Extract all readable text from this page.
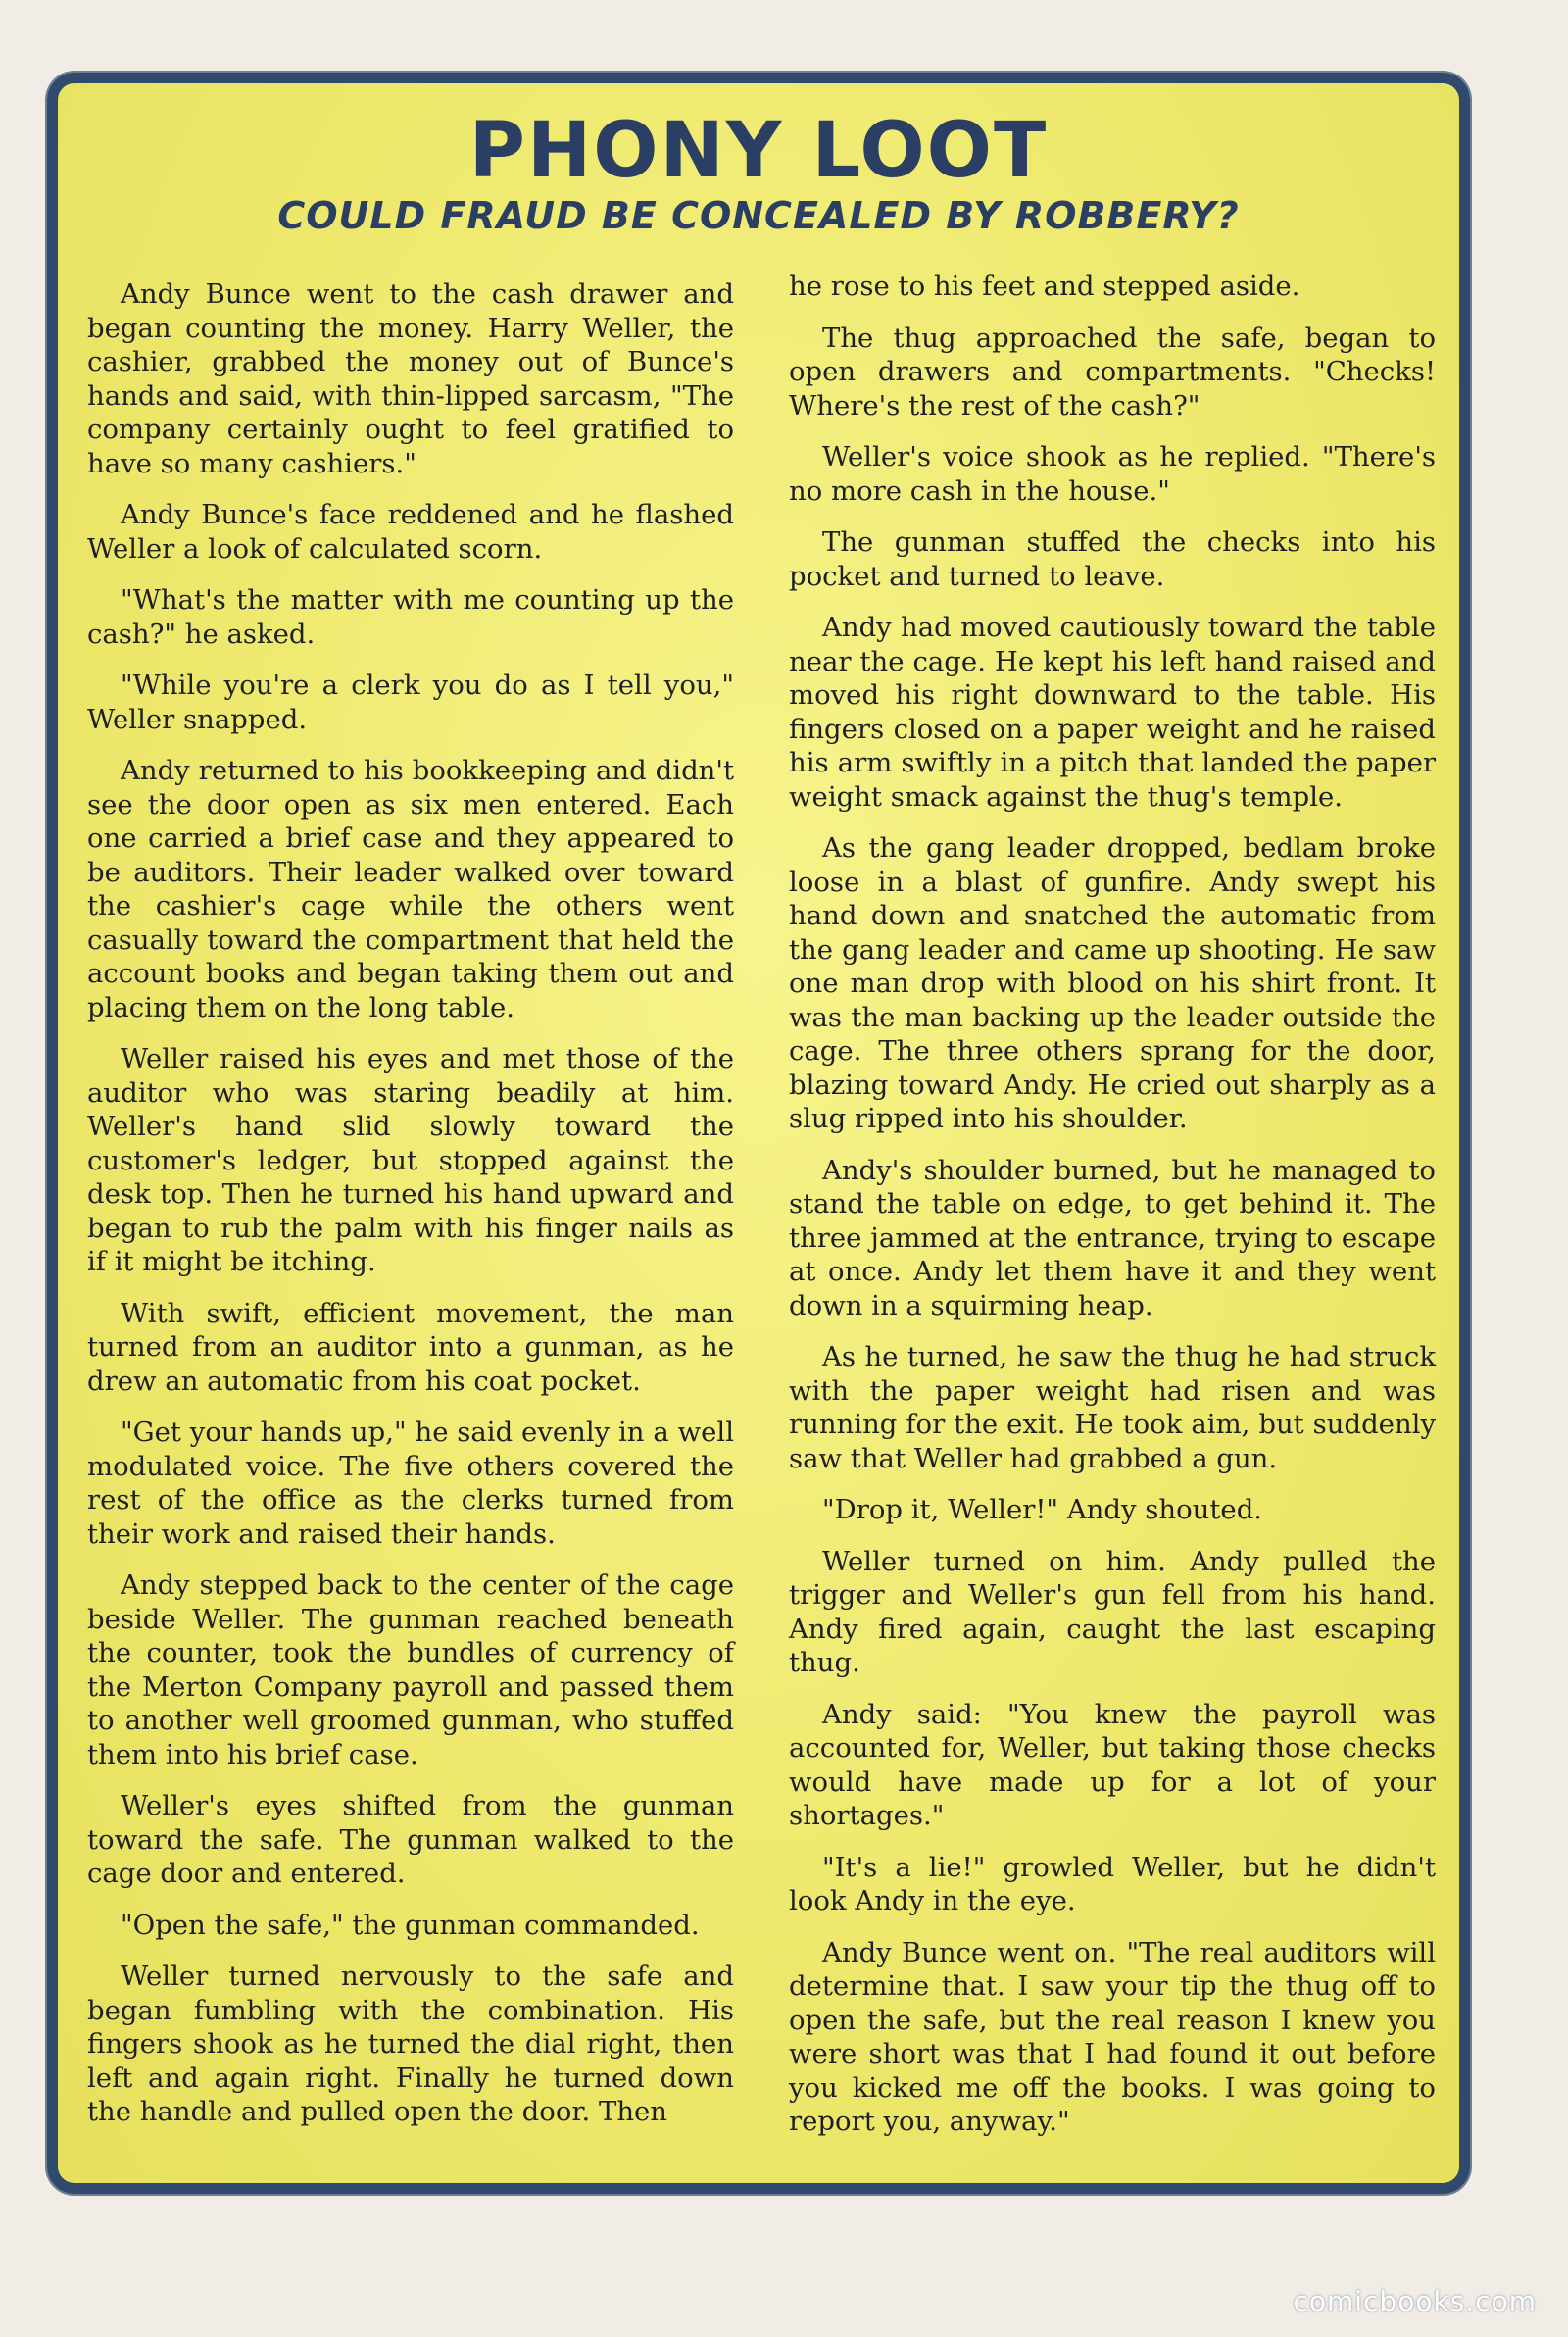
PHONY LOOT
COULD FRAUD BE CONCEALED BY ROBBERY?

Andy Bunce went to the cash drawer and began counting the money. Harry Weller, the cashier, grabbed the money out of Bunce's hands and said, with thin-lipped sarcasm, "The company certainly ought to feel gratified to have so many cashiers."

Andy Bunce's face reddened and he flashed Weller a look of calculated scorn.

"What's the matter with me counting up the cash?" he asked.

"While you're a clerk you do as I tell you," Weller snapped.

Andy returned to his bookkeeping and didn't see the door open as six men entered. Each one carried a brief case and they appeared to be auditors. Their leader walked over toward the cashier's cage while the others went casually toward the compartment that held the account books and began taking them out and placing them on the long table.

Weller raised his eyes and met those of the auditor who was staring beadily at him. Weller's hand slid slowly toward the customer's ledger, but stopped against the desk top. Then he turned his hand upward and began to rub the palm with his finger nails as if it might be itching.

With swift, efficient movement, the man turned from an auditor into a gunman, as he drew an automatic from his coat pocket.

"Get your hands up," he said evenly in a well modulated voice. The five others covered the rest of the office as the clerks turned from their work and raised their hands.

Andy stepped back to the center of the cage beside Weller. The gunman reached beneath the counter, took the bundles of currency of the Merton Company payroll and passed them to another well groomed gunman, who stuffed them into his brief case.

Weller's eyes shifted from the gunman toward the safe. The gunman walked to the cage door and entered.

"Open the safe," the gunman commanded.

Weller turned nervously to the safe and began fumbling with the combination. His fingers shook as he turned the dial right, then left and again right. Finally he turned down the handle and pulled open the door. Then

he rose to his feet and stepped aside.

The thug approached the safe, began to open drawers and compartments. "Checks! Where's the rest of the cash?"

Weller's voice shook as he replied. "There's no more cash in the house."

The gunman stuffed the checks into his pocket and turned to leave.

Andy had moved cautiously toward the table near the cage. He kept his left hand raised and moved his right downward to the table. His fingers closed on a paper weight and he raised his arm swiftly in a pitch that landed the paper weight smack against the thug's temple.

As the gang leader dropped, bedlam broke loose in a blast of gunfire. Andy swept his hand down and snatched the automatic from the gang leader and came up shooting. He saw one man drop with blood on his shirt front. It was the man backing up the leader outside the cage. The three others sprang for the door, blazing toward Andy. He cried out sharply as a slug ripped into his shoulder.

Andy's shoulder burned, but he managed to stand the table on edge, to get behind it. The three jammed at the entrance, trying to escape at once. Andy let them have it and they went down in a squirming heap.

As he turned, he saw the thug he had struck with the paper weight had risen and was running for the exit. He took aim, but suddenly saw that Weller had grabbed a gun.

"Drop it, Weller!" Andy shouted.

Weller turned on him. Andy pulled the trigger and Weller's gun fell from his hand. Andy fired again, caught the last escaping thug.

Andy said: "You knew the payroll was accounted for, Weller, but taking those checks would have made up for a lot of your shortages."

"It's a lie!" growled Weller, but he didn't look Andy in the eye.

Andy Bunce went on. "The real auditors will determine that. I saw your tip the thug off to open the safe, but the real reason I knew you were short was that I had found it out before you kicked me off the books. I was going to report you, anyway."

comicbooks.com
